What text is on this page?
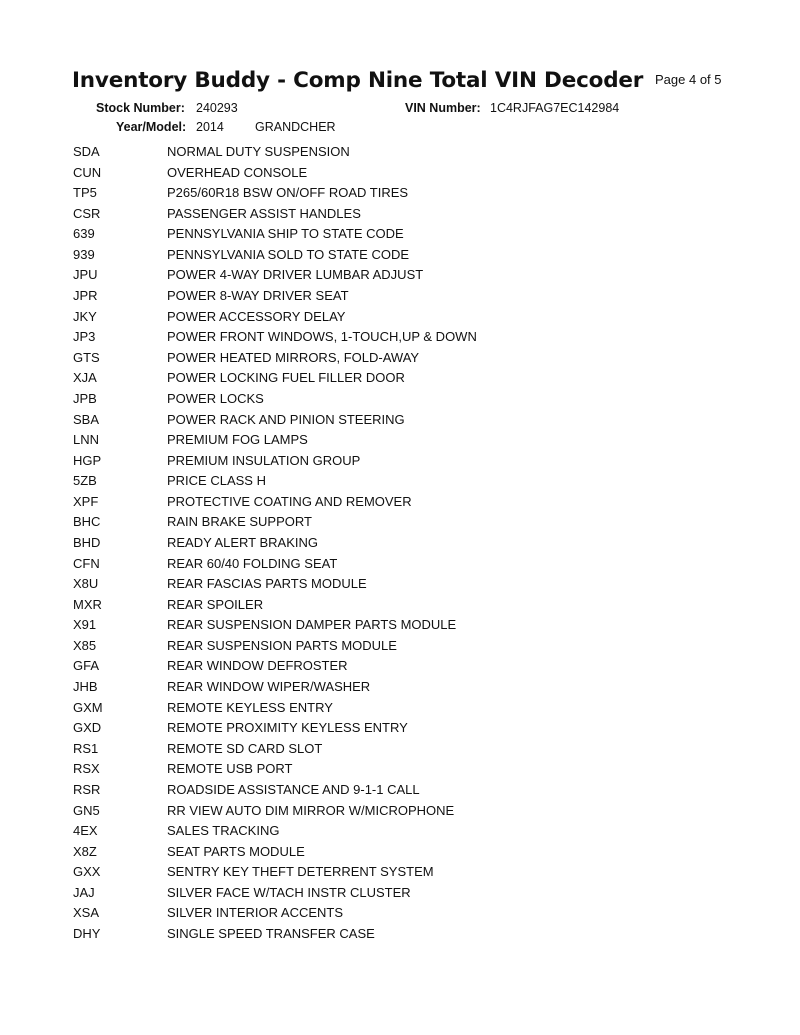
Inventory Buddy - Comp Nine Total VIN Decoder Page 4 of 5
Stock Number: 240293	VIN Number: 1C4RJFAG7EC142984
Year/Model: 2014 GRANDCHER
SDA	NORMAL DUTY SUSPENSION
CUN	OVERHEAD CONSOLE
TP5	P265/60R18 BSW ON/OFF ROAD TIRES
CSR	PASSENGER ASSIST HANDLES
639	PENNSYLVANIA SHIP TO STATE CODE
939	PENNSYLVANIA SOLD TO STATE CODE
JPU	POWER 4-WAY DRIVER LUMBAR ADJUST
JPR	POWER 8-WAY DRIVER SEAT
JKY	POWER ACCESSORY DELAY
JP3	POWER FRONT WINDOWS, 1-TOUCH,UP & DOWN
GTS	POWER HEATED MIRRORS, FOLD-AWAY
XJA	POWER LOCKING FUEL FILLER DOOR
JPB	POWER LOCKS
SBA	POWER RACK AND PINION STEERING
LNN	PREMIUM FOG LAMPS
HGP	PREMIUM INSULATION GROUP
5ZB	PRICE CLASS H
XPF	PROTECTIVE COATING AND REMOVER
BHC	RAIN BRAKE SUPPORT
BHD	READY ALERT BRAKING
CFN	REAR 60/40 FOLDING SEAT
X8U	REAR FASCIAS PARTS MODULE
MXR	REAR SPOILER
X91	REAR SUSPENSION DAMPER PARTS MODULE
X85	REAR SUSPENSION PARTS MODULE
GFA	REAR WINDOW DEFROSTER
JHB	REAR WINDOW WIPER/WASHER
GXM	REMOTE KEYLESS ENTRY
GXD	REMOTE PROXIMITY KEYLESS ENTRY
RS1	REMOTE SD CARD SLOT
RSX	REMOTE USB PORT
RSR	ROADSIDE ASSISTANCE AND 9-1-1 CALL
GN5	RR VIEW AUTO DIM MIRROR W/MICROPHONE
4EX	SALES TRACKING
X8Z	SEAT PARTS MODULE
GXX	SENTRY KEY THEFT DETERRENT SYSTEM
JAJ	SILVER FACE W/TACH INSTR CLUSTER
XSA	SILVER INTERIOR ACCENTS
DHY	SINGLE SPEED TRANSFER CASE
